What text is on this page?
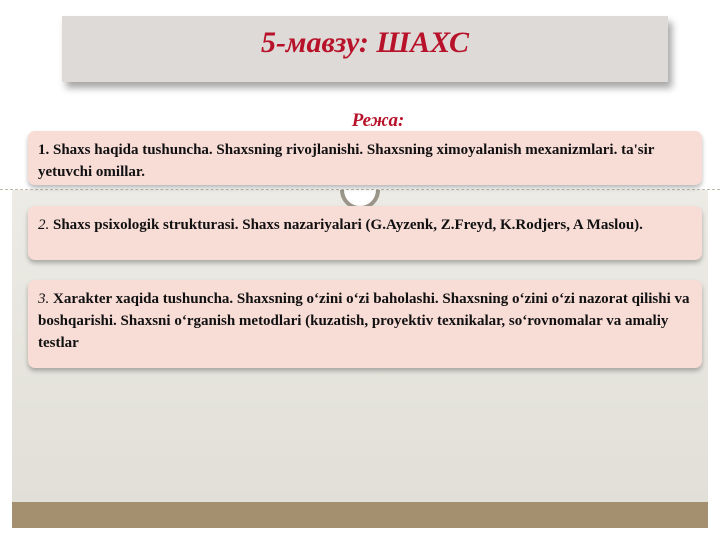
5-мавзу: ШАХС
Режа:
1. Shaxs haqida tushuncha. Shaxsning rivojlanishi. Shaxsning ximoyalanish mexanizmlari. ta'sir yetuvchi omillar.
2. Shaxs psixologik strukturasi. Shaxs nazariyalari (G.Ayzenk, Z.Freyd, K.Rodjers, A Maslou).
3. Xarakter xaqida tushuncha. Shaxsning o‘zini o‘zi baholashi. Shaxsning o‘zini o‘zi nazorat qilishi va boshqarishi. Shaxsni o‘rganish metodlari (kuzatish, proyektiv texnikalar, so‘rovnomalar va amaliy testlar
